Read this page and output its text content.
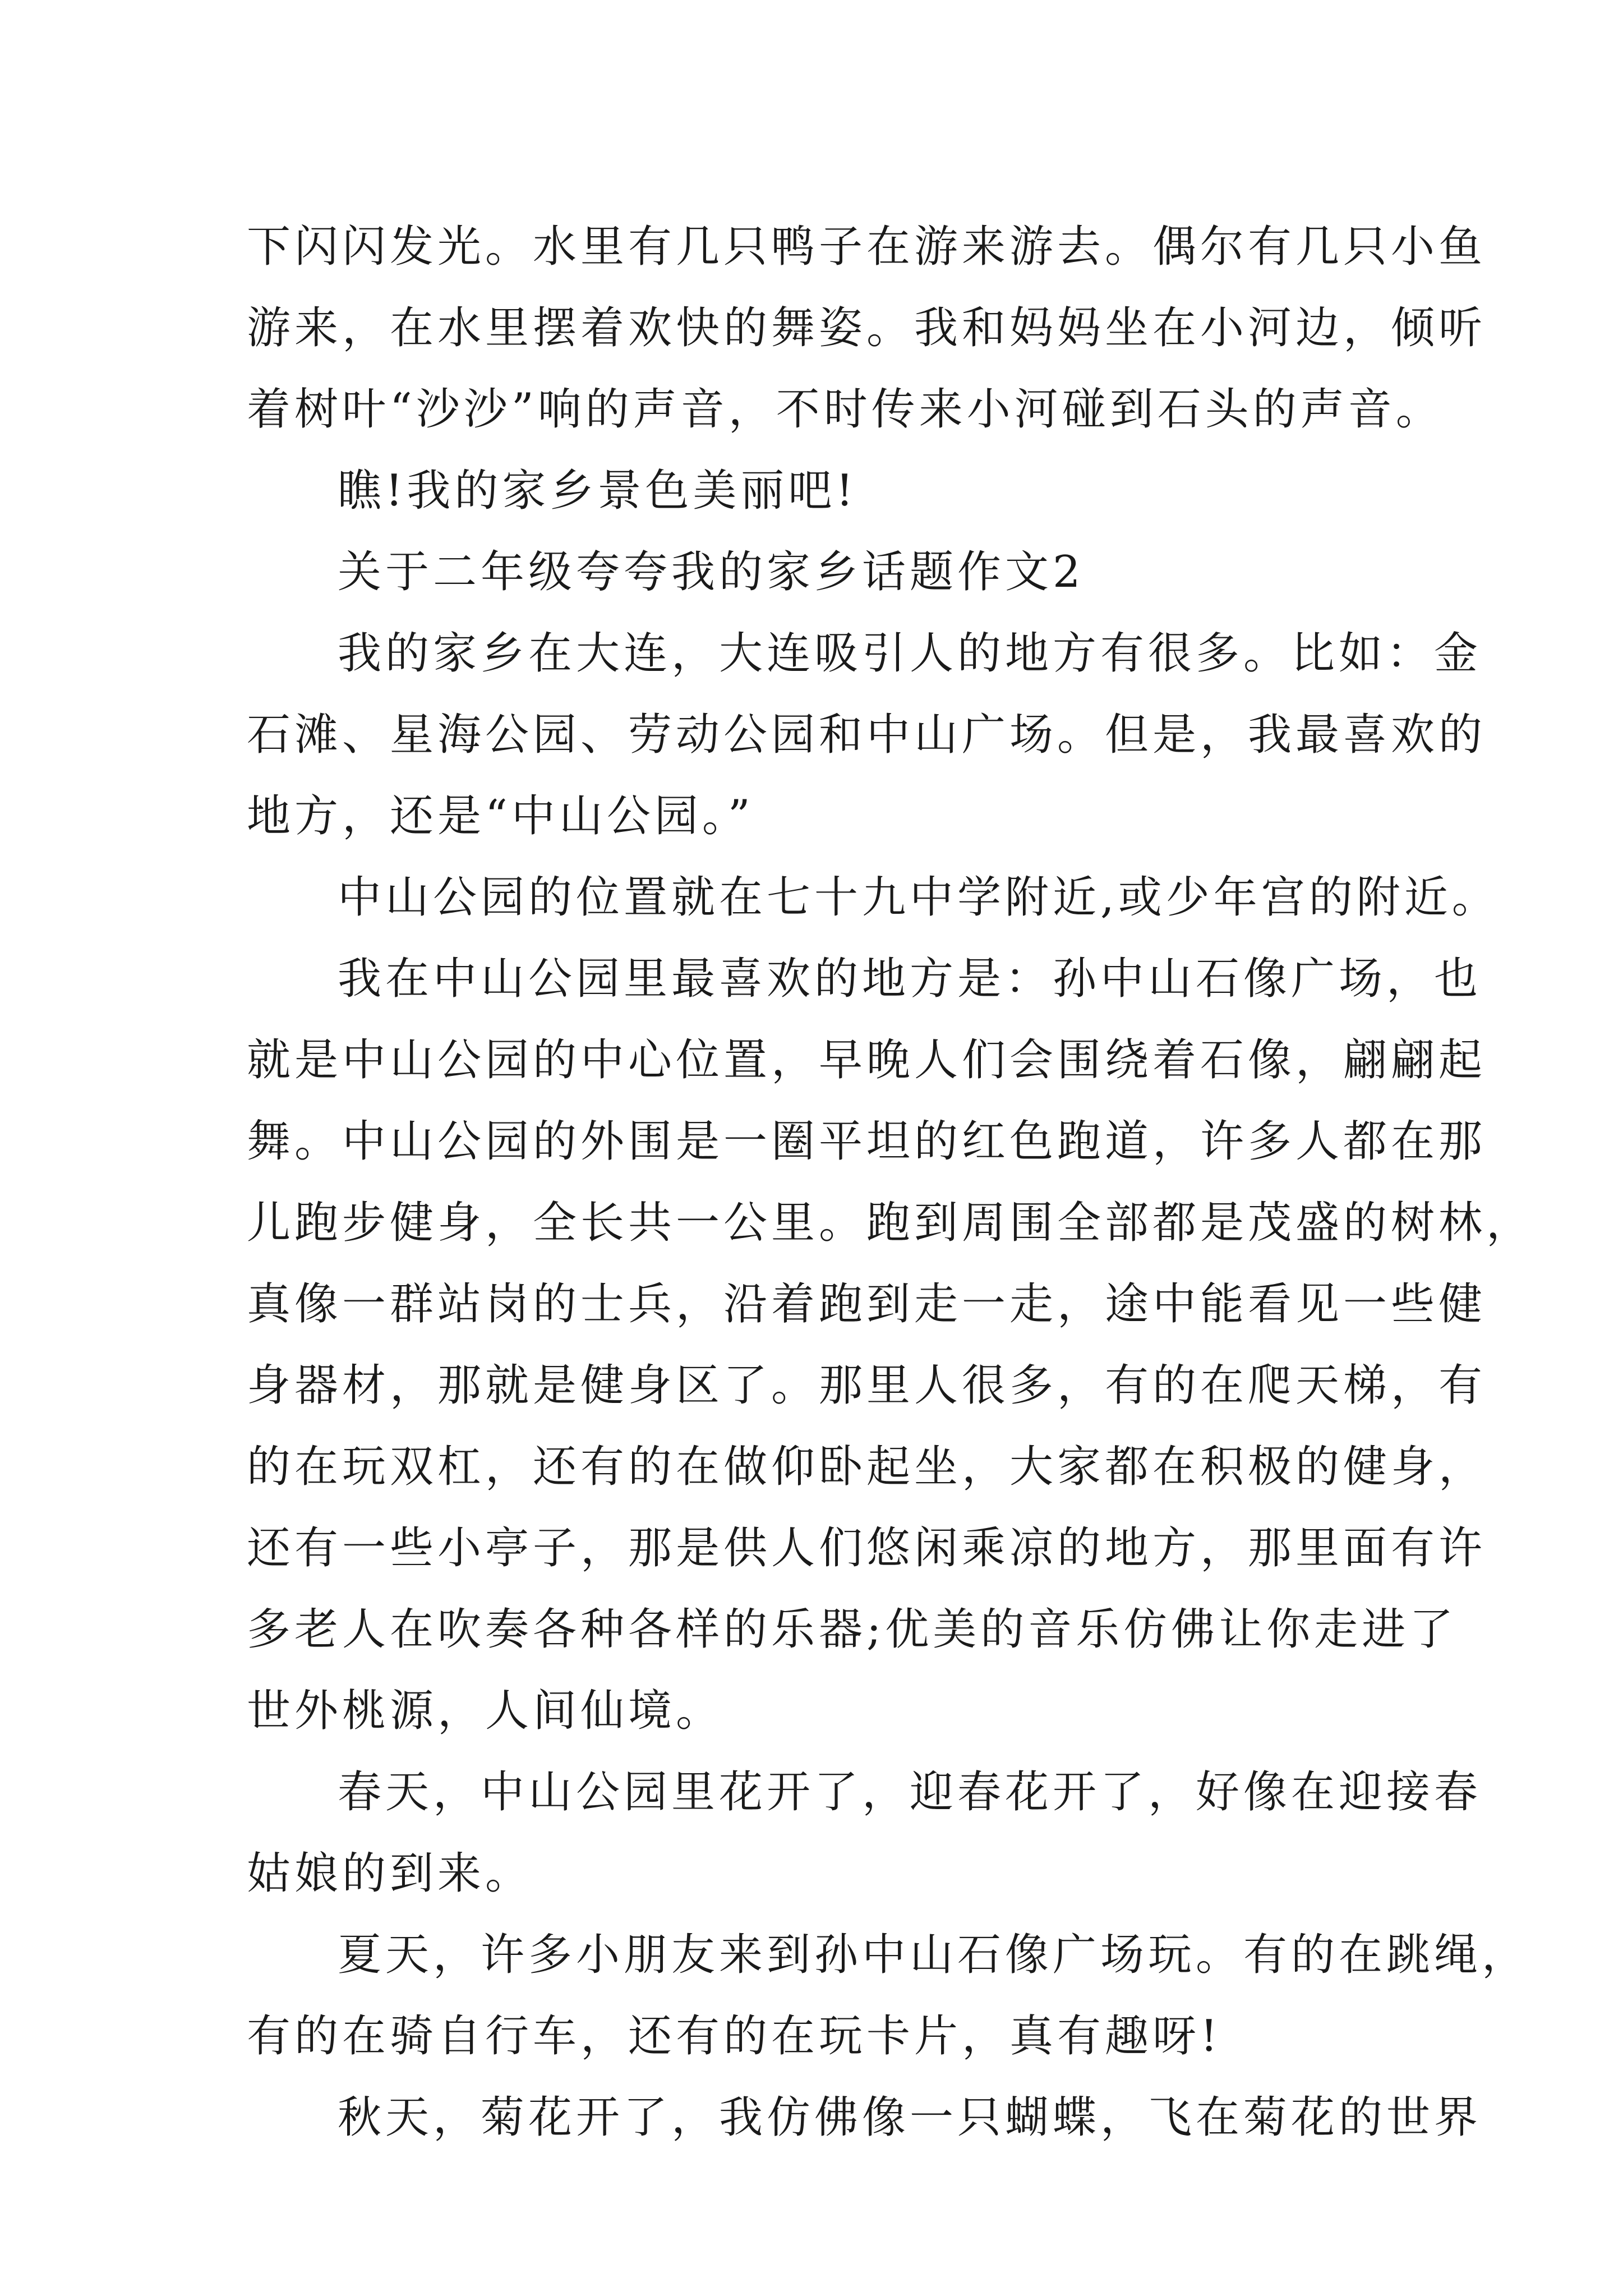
下闪闪发光。水里有几只鸭子在游来游去。偶尔有几只小鱼
游来，在水里摆着欢快的舞姿。我和妈妈坐在小河边，倾听
着树叶“沙沙”响的声音，不时传来小河碰到石头的声音。
瞧!我的家乡景色美丽吧!
关于二年级夸夸我的家乡话题作文2
我的家乡在大连，大连吸引人的地方有很多。比如：金
石滩、星海公园、劳动公园和中山广场。但是，我最喜欢的
地方，还是“中山公园。”
中山公园的位置就在七十九中学附近,或少年宫的附近。
我在中山公园里最喜欢的地方是：孙中山石像广场，也
就是中山公园的中心位置，早晚人们会围绕着石像，翩翩起
舞。中山公园的外围是一圈平坦的红色跑道，许多人都在那
儿跑步健身，全长共一公里。跑到周围全部都是茂盛的树林，
真像一群站岗的士兵，沿着跑到走一走，途中能看见一些健
身器材，那就是健身区了。那里人很多，有的在爬天梯，有
的在玩双杠，还有的在做仰卧起坐，大家都在积极的健身，
还有一些小亭子，那是供人们悠闲乘凉的地方，那里面有许
多老人在吹奏各种各样的乐器;优美的音乐仿佛让你走进了
世外桃源，人间仙境。
春天，中山公园里花开了，迎春花开了，好像在迎接春
姑娘的到来。
夏天，许多小朋友来到孙中山石像广场玩。有的在跳绳，
有的在骑自行车，还有的在玩卡片，真有趣呀!
秋天，菊花开了，我仿佛像一只蝴蝶，飞在菊花的世界
